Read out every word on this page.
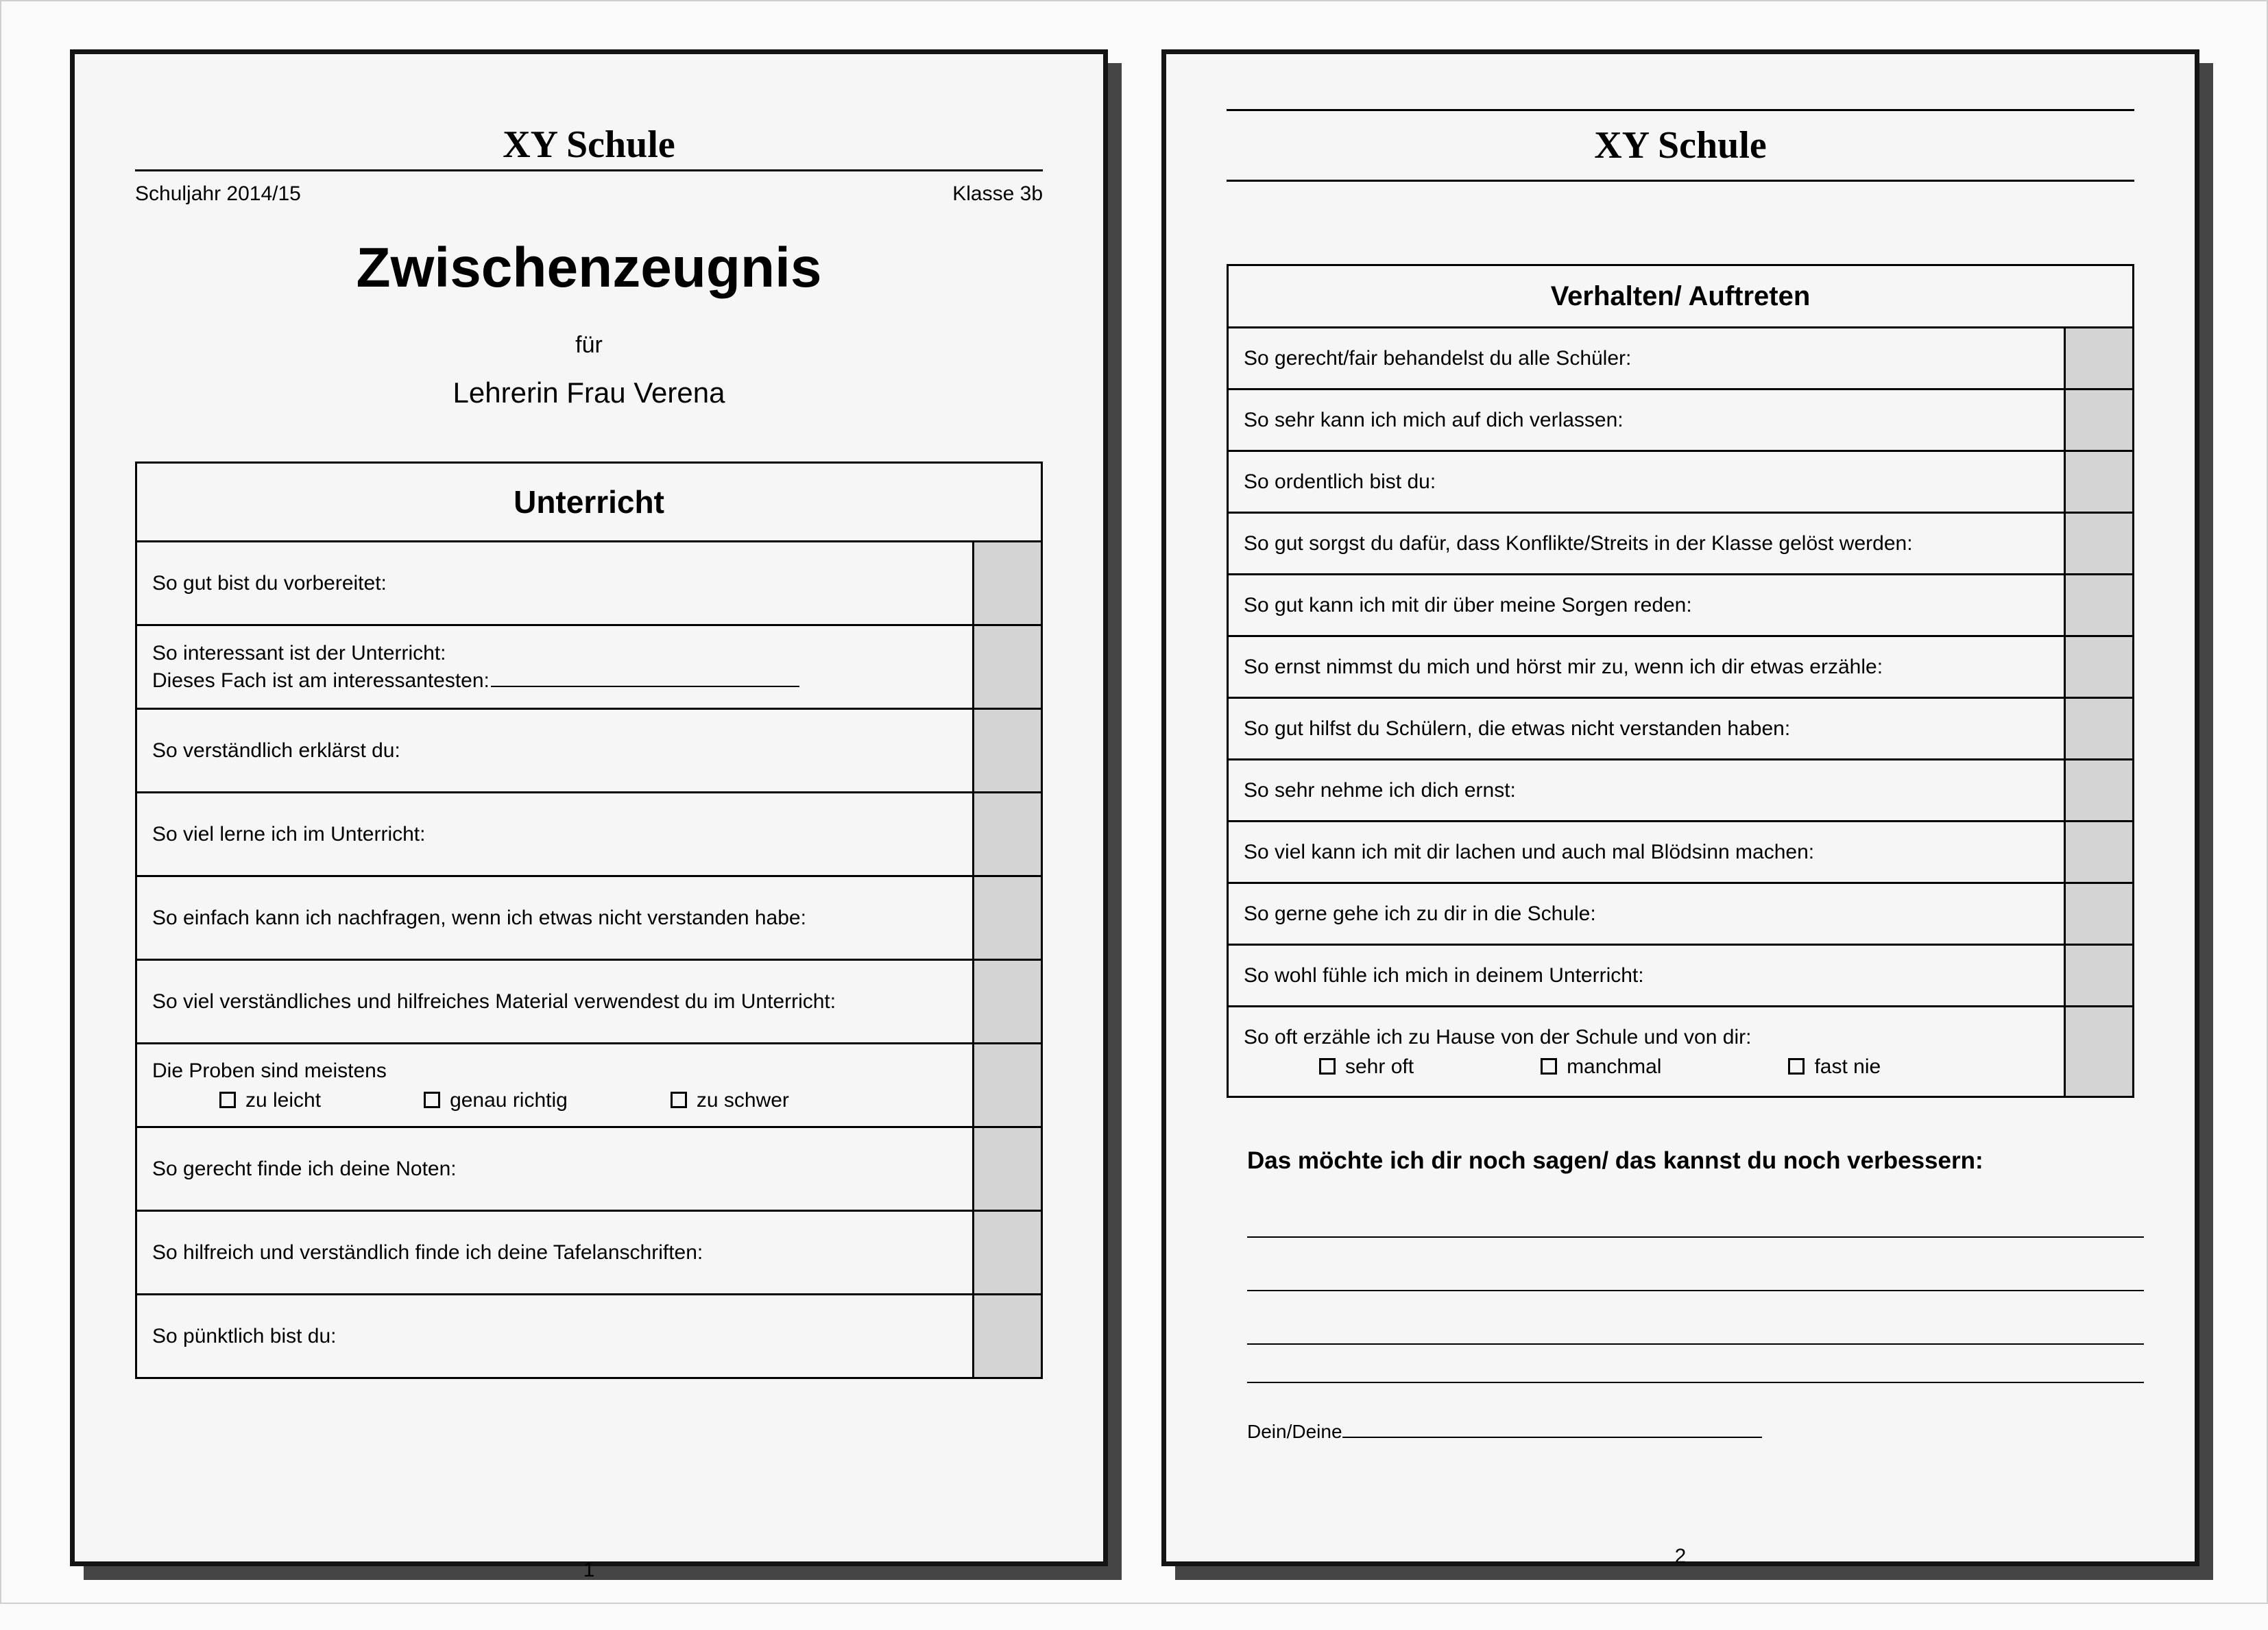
XY Schule
Schuljahr 2014/15	Klasse 3b
Zwischenzeugnis
für
Lehrerin Frau Verena
Unterricht
So gut bist du vorbereitet:
So interessant ist der Unterricht:
Dieses Fach ist am interessantesten:
So verständlich erklärst du:
So viel lerne ich im Unterricht:
So einfach kann ich nachfragen, wenn ich etwas nicht verstanden habe:
So viel verständliches und hilfreiches Material verwendest du im Unterricht:
Die Proben sind meistens
zu leicht	genau richtig	zu schwer
So gerecht finde ich deine Noten:
So hilfreich und verständlich finde ich deine Tafelanschriften:
So pünktlich bist du:
1
XY Schule
Verhalten/ Auftreten
So gerecht/fair behandelst du alle Schüler:
So sehr kann ich mich auf dich verlassen:
So ordentlich bist du:
So gut sorgst du dafür, dass Konflikte/Streits in der Klasse gelöst werden:
So gut kann ich mit dir über meine Sorgen reden:
So ernst nimmst du mich und hörst mir zu, wenn ich dir etwas erzähle:
So gut hilfst du Schülern, die etwas nicht verstanden haben:
So sehr nehme ich dich ernst:
So viel kann ich mit dir lachen und auch mal Blödsinn machen:
So gerne gehe ich zu dir in die Schule:
So wohl fühle ich mich in deinem Unterricht:
So oft erzähle ich zu Hause von der Schule und von dir:
sehr oft	manchmal	fast nie
Das möchte ich dir noch sagen/ das kannst du noch verbessern:
Dein/Deine
2
